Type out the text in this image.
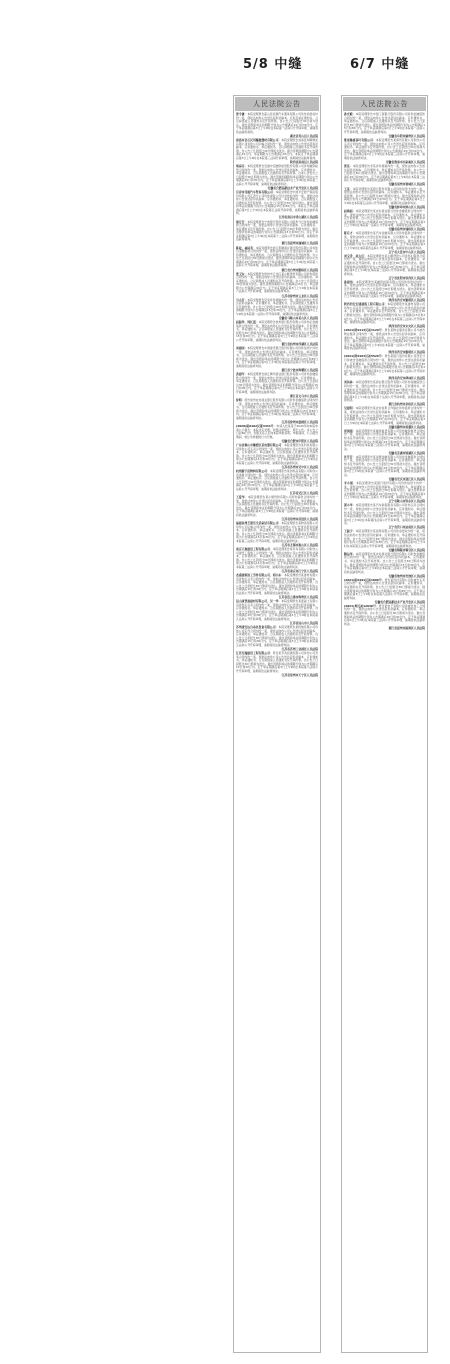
5/8 中缝	6/7 中缝
人民法院公告
张令谦：本院受理原告霍山县恒源汽车服务有限公司诉你追偿权纠纷一案，现依法向你公告送达起诉状副本、应诉及举证通知书、合议庭组成人员通知书及开庭传票。自公告之日起经过30日视为送达。提出答辩和举证的期限分别为公告期满后15日和30日内。定于举证期满后第3日上午9时在本院第一法庭公开开庭审理，逾期将依法缺席裁判。
湖北省英山县人民法院
商洛市金石民用爆破器材有限公司：本院受理原告洛南县和顺物流有限公司诉你公司运输合同纠纷一案，现依法向你公告送达起诉状副本、应诉通知书、举证通知书、合议庭组成人员通知书及开庭传票。自公告之日起经过30日即视为送达。提出答辩的期限为公告期满后15日内，举证期限为公告期满后30日内。本院定于举证期满后第3日上午9时在本院第三法庭开庭审理，逾期将依法缺席裁判。
陕西省洛南县人民法院
胡家亮：本院受理原告安徽中安融资租赁股份有限公司诉你融资租赁合同纠纷一案，现依法向你公告送达起诉状副本、应诉通知书、举证通知书、合议庭组成人员通知书及开庭传票。自本公告发出之日起经过30日即视为送达。提出答辩的期限和举证期限分别为公告期满后15日和30日内。定于举证期满后第3日上午9时在本院第二法庭公开开庭审理，逾期将依法缺席判决。
安徽省合肥高新技术产业开发区人民法院
宜春市佳惠汽车贸易有限公司：本院受理原告中国平安财产保险股份有限公司江西分公司诉你保险人代位求偿权纠纷一案，现依法向你公告送达起诉状副本、应诉通知书、举证通知书、合议庭组成人员通知书及开庭传票。自公告之日起经过30日视为送达。提出答辩和举证的期限分别为公告期满后15日和30日内。本院定于举证期满后第3日上午9时在本院第五法庭开庭审理，逾期将依法缺席裁判。
江西省南昌市青山湖区人民法院
胡月芳：本院受理原告宁波银行股份有限公司温州分行诉你金融借款合同纠纷一案，现依法向你公告送达起诉状副本、应诉通知书、举证通知书及开庭传票。自公告之日起经过30日即视为送达。提出答辩状和举证的期限分别为公告期满后15日和30日内。并定于举证期满后第3日上午9时在本院第十二法庭公开开庭审理，逾期将依法缺席裁判。
浙江省温州市鹿城区人民法院
陈松、林凤英：本院受理原告浙江泰隆商业银行股份有限公司诉你们金融借款合同纠纷一案，现依法向你们公告送达起诉状副本、应诉通知书、举证通知书、合议庭组成人员通知书及开庭传票。自公告之日起经过30日即视为送达。提出答辩和举证的期限分别为公告期满后15日和30日内。定于举证期满后第3日上午9时在本院第八法庭公开开庭审理，逾期将依法缺席裁判。
浙江省台州市路桥区人民法院
张卫东：本院受理原告徐州市云龙区某小额贷款有限公司诉你借款合同纠纷一案，现依法向你公告送达起诉状副本、应诉通知书、举证通知书、合议庭组成人员通知书及开庭传票。自公告之日起经过30日即视为送达。提出答辩的期限为公告期满后15日内，举证期限为公告期满后30日内。定于举证期满后第3日上午9时在本院第六法庭公开开庭审理，逾期将依法缺席判决。
江苏省徐州市云龙区人民法院
马小芳：本院受理原告吴某诉你离婚纠纷一案，现依法向你公告送达起诉状副本、应诉通知书、举证通知书、合议庭组成人员通知书及开庭传票。自公告之日起经过30日即视为送达。提出答辩和举证的期限分别为公告期满后15日和30日内。定于举证期满后第3日上午9时在本院第一法庭公开开庭审理，逾期将依法缺席判决。
安徽省马鞍山市花山区人民法院
赵振华、周红霞：本院受理原告杭州银行股份有限公司诉你们金融借款合同纠纷一案，现依法向你们公告送达起诉状副本、应诉通知书、举证通知书、合议庭组成人员通知书及开庭传票。自公告之日起经过30日即视为送达。提出答辩和举证的期限分别为公告期满后15日和30日内。定于举证期满后第3日上午9时在本院第十三法庭公开开庭审理，逾期将依法缺席判决。
浙江省杭州市西湖区人民法院
刘建国：本院受理原告中国建设银行股份有限公司诉你信用卡纠纷一案，现依法向你公告送达起诉状副本、应诉通知书、举证通知书、合议庭组成人员通知书及开庭传票。自公告之日起经过30日即视为送达。提出答辩和举证的期限分别为公告期满后15日和30日内。定于举证期满后第3日上午9时在本院第四法庭公开开庭审理，逾期将依法缺席判决。
浙江省宁波市海曙区人民法院
黄建军：本院受理原告浙江稠州商业银行股份有限公司诉你金融借款合同纠纷一案，现依法向你公告送达起诉状副本、应诉通知书、举证通知书、合议庭组成人员通知书及开庭传票。自公告之日起经过30日即视为送达。提出答辩和举证的期限分别为公告期满后15日和30日内。定于举证期满后第3日上午9时在本院第九法庭公开开庭审理，逾期将依法缺席判决。
浙江省义乌市人民法院
徐明：原告徐州农村商业银行股份有限公司诉你金融借款合同纠纷一案，现依法向你公告送达起诉状副本、应诉通知书、举证通知书、合议庭组成人员通知书及开庭传票。自公告之日起经过30日即视为送达。提出答辩和举证的期限分别为公告期满后15日和30日内。定于举证期满后第3日上午9时在本院第二法庭公开开庭审理，逾期将依法缺席判决。
江苏省徐州市鼓楼区人民法院
(2020)皖0102民催4444号：申请人杜某某于2020年向本院申请公示催告，本院决定受理。依照法律规定，现予公告。自公告之日起60日内，利害关系人应向本院申报权利。申报期间，公示催告期间，转让该票据的行为无效。
安徽省合肥市庐阳区人民法院
广东省佛山市顺德区某电器有限公司：本院受理原告某科技有限公司诉你公司买卖合同纠纷一案，现依法向你公司公告送达起诉状副本、应诉通知书、举证通知书、合议庭组成人员通知书及开庭传票。自公告之日起经过30日即视为送达。提出答辩和举证的期限分别为公告期满后15日和30日内。定于举证期满后第3日上午9时在本院第七法庭公开开庭审理，逾期将依法缺席判决。
江苏省苏州市吴中区人民法院
杭州新宇宙物料有限公司：本院受理原告某纺织品有限公司诉你公司承揽合同纠纷一案，现依法向你公司公告送达起诉状副本、应诉通知书、举证通知书、合议庭组成人员通知书及开庭传票。自公告之日起经过30日即视为送达。提出答辩和举证的期限分别为公告期满后15日和30日内。定于举证期满后第3日上午9时在本院第十五法庭公开开庭审理，逾期将依法缺席判决。
江苏省吴江区人民法院
王爱华：本院受理原告某小额贷款有限公司诉你借款合同纠纷一案，现依法向你公告送达起诉状副本、应诉通知书、举证通知书、合议庭组成人员通知书及开庭传票。自公告之日起经过30日即视为送达。提出答辩和举证的期限分别为公告期满后15日和30日内。定于举证期满后第3日上午9时在本院第一法庭公开开庭审理，逾期将依法缺席判决。
江苏省常州市武进区人民法院
福建泉州艺派乐生活家居有限公司：本院受理原告某物流有限公司诉你公司运输合同纠纷一案，现依法向你公司公告送达起诉状副本、应诉通知书、举证通知书、合议庭组成人员通知书及开庭传票。自公告之日起经过30日即视为送达。提出答辩和举证的期限分别为公告期满后15日和30日内。定于举证期满后第3日上午9时在本院第三法庭公开开庭审理，逾期将依法缺席判决。
江苏省无锡市惠山区人民法院
南京天惠建设工程有限公司：本院受理原告某劳务有限公司诉你公司建设工程施工合同纠纷一案，现依法向你公司公告送达起诉状副本、应诉通知书、举证通知书、合议庭组成人员通知书及开庭传票。自公告之日起经过30日即视为送达。提出答辩和举证的期限分别为公告期满后15日和30日内。定于举证期满后第3日上午9时在本院第二法庭公开开庭审理，逾期将依法缺席判决。
江苏省南京市江宁区人民法院
杰盛建筑加工劳务有限公司、胡小东：本院受理原告某建材有限公司诉你们买卖合同纠纷一案，现依法向你们公告送达起诉状副本、应诉通知书、举证通知书、合议庭组成人员通知书及开庭传票。自公告之日起经过30日即视为送达。提出答辩和举证的期限分别为公告期满后15日和30日内。定于举证期满后第3日上午9时在本院第四法庭公开开庭审理，逾期将依法缺席判决。
江苏省连云港市海州区人民法院
昆山康普森建材有限公司、吴一华：本院受理原告某混凝土有限公司诉你们买卖合同纠纷一案，现依法向你们公告送达起诉状副本、应诉通知书、举证通知书、合议庭组成人员通知书及开庭传票。自公告之日起经过30日即视为送达。提出答辩和举证的期限分别为公告期满后15日和30日内。定于举证期满后第3日上午9时在本院第九法庭公开开庭审理，逾期将依法缺席判决。
江苏省昆山市人民法院
苏州康安达自动化设备有限公司：本院受理原告某机械有限公司诉你公司定作合同纠纷一案，现依法向你公司公告送达起诉状副本、应诉通知书、举证通知书、合议庭组成人员通知书及开庭传票。自公告之日起经过30日即视为送达。提出答辩和举证的期限分别为公告期满后15日和30日内。定于举证期满后第3日上午9时在本院第五法庭公开开庭审理，逾期将依法缺席判决。
江苏省苏州工业园区人民法院
江苏安瑞建设工程有限公司：原告某劳务派遣有限公司诉你公司劳务合同纠纷一案，现依法向你公司公告送达起诉状副本、应诉通知书、举证通知书、合议庭组成人员通知书及开庭传票。自公告之日起经过30日即视为送达。提出答辩和举证的期限分别为公告期满后15日和30日内。定于举证期满后第3日上午9时在本院第六法庭公开开庭审理，逾期将依法缺席判决。
江苏省常州市天宁区人民法院
人民法院公告
孙光毅：本院受理原告中国工商银行股份有限公司诉你金融借款合同纠纷一案，现依法向你公告送达起诉状副本、应诉通知书、举证通知书、合议庭组成人员通知书及开庭传票。自公告之日起经过30日即视为送达。提出答辩和举证的期限分别为公告期满后15日和30日内。定于举证期满后第3日上午9时在本院第一法庭公开开庭审理，逾期将依法缺席判决。
安徽省阜阳市颍州区人民法院
淮南豫盛茶叶有限公司：本院受理原告某商贸有限公司诉你公司买卖合同纠纷一案，现依法向你公司公告送达起诉状副本、应诉通知书、举证通知书及开庭传票。自公告之日起经过30日即视为送达。提出答辩和举证的期限分别为公告期满后15日和30日内。定于举证期满后第3日上午9时在本院第三法庭公开开庭审理，逾期将依法缺席判决。
安徽省淮南市田家庵区人民法院
张某：本院受理原告李某诉你离婚纠纷一案，现依法向你公告送达起诉状副本、应诉通知书、举证通知书及开庭传票。自公告之日起经过30日即视为送达。提出答辩和举证的期限分别为公告期满后15日和30日内。定于举证期满后第3日上午9时在本院第二法庭公开开庭审理，逾期将依法缺席判决。
安徽省亳州市谯城区人民法院
王某：本院受理原告某银行股份有限公司诉你信用卡纠纷一案，现依法向你公告送达起诉状副本、应诉通知书、举证通知书及开庭传票。自公告之日起经过30日即视为送达。提出答辩和举证的期限分别为公告期满后15日和30日内。定于举证期满后第3日上午9时在本院第五法庭公开开庭审理，逾期将依法缺席判决。
安徽省蚌埠市蚌山区人民法院
赵梅娟：本院受理原告某农村商业银行诉你金融借款合同纠纷一案，现依法向你公告送达起诉状副本、应诉通知书、举证通知书及开庭传票。自公告之日起经过30日即视为送达。提出答辩和举证的期限分别为公告期满后15日和30日内。定于举证期满后第3日上午9时在本院第一法庭公开开庭审理，逾期将依法缺席判决。
安徽省宿州市埇桥区人民法院
陈有才：本院受理原告某汽车金融有限公司诉你借款合同纠纷一案，现依法向你公告送达起诉状副本、应诉通知书、举证通知书及开庭传票。自公告之日起经过30日即视为送达。提出答辩和举证的期限分别为公告期满后15日和30日内。定于举证期满后第3日上午9时在本院第四法庭公开开庭审理，逾期将依法缺席判决。
辽宁省大连市中山区人民法院
刘宝香、赵大庆：本院受理原告某小额贷款公司诉你们借款合同纠纷一案，现依法向你们公告送达起诉状副本、应诉通知书、举证通知书及开庭传票。自公告之日起经过30日即视为送达。提出答辩和举证的期限分别为公告期满后15日和30日内。定于举证期满后第3日上午9时在本院第二法庭公开开庭审理，逾期将依法缺席判决。
辽宁省沈阳市铁西区人民法院
孙建伟：本院受理原告某融资担保有限公司诉你追偿权纠纷一案，现依法向你公告送达起诉状副本、应诉通知书、举证通知书及开庭传票。自公告之日起经过30日即视为送达。提出答辩和举证的期限分别为公告期满后15日和30日内。定于举证期满后第3日上午9时在本院第六法庭公开开庭审理，逾期将依法缺席判决。
陕西省西安市雁塔区人民法院
陕西西安宏盛建筑工程有限公司：本院受理原告某建材有限公司诉你公司买卖合同纠纷一案，现依法向你公司公告送达起诉状副本、应诉通知书、举证通知书及开庭传票。自公告之日起经过30日即视为送达。提出答辩和举证的期限分别为公告期满后15日和30日内。定于举证期满后第3日上午9时在本院第三法庭公开开庭审理，逾期将依法缺席判决。
陕西省西安市未央区人民法院
(2021)陕0113民初1120号：原告某物业服务有限公司与被告物业服务合同纠纷一案，现依法向你公告送达起诉状副本、应诉通知书、举证通知书及开庭传票。自公告之日起经过30日即视为送达。提出答辩和举证的期限分别为公告期满后15日和30日内。定于举证期满后第3日上午9时在本院第一法庭公开开庭审理，逾期将依法缺席判决。
陕西省西安市雁塔区人民法院
(2021)陕0103民初5520号：原告某银行股份有限公司西安分行诉被告金融借款合同纠纷一案，现依法向你公告送达起诉状副本、应诉通知书、举证通知书及开庭传票。自公告之日起经过30日即视为送达。提出答辩和举证的期限分别为公告期满后15日和30日内。定于举证期满后第3日上午9时在本院第八法庭公开开庭审理，逾期将依法缺席判决。
陕西省西安市碑林区人民法院
刘凤林：本院受理原告某商业银行股份有限公司诉你金融借款合同纠纷一案，现依法向你公告送达起诉状副本、应诉通知书、举证通知书及开庭传票。自公告之日起经过30日即视为送达。提出答辩和举证的期限分别为公告期满后15日和30日内。定于举证期满后第3日上午9时在本院第十法庭公开开庭审理，逾期将依法缺席判决。
浙江省杭州市余杭区人民法院
吴建明：本院受理原告某农村信用合作联社诉你借款合同纠纷一案，现依法向你公告送达起诉状副本、应诉通知书、举证通知书及开庭传票。自公告之日起经过30日即视为送达。提出答辩和举证的期限分别为公告期满后15日和30日内。定于举证期满后第3日上午9时在本院第七法庭公开开庭审理，逾期将依法缺席判决。
安徽省滁州市琅琊区人民法院
周国强：本院受理原告某融资租赁有限公司诉你融资租赁合同纠纷一案，现依法向你公告送达起诉状副本、应诉通知书、举证通知书及开庭传票。自公告之日起经过30日即视为送达。提出答辩和举证的期限分别为公告期满后15日和30日内。定于举证期满后第3日上午9时在本院第二法庭公开开庭审理，逾期将依法缺席判决。
安徽省芜湖市镜湖区人民法院
许芳芳：本院受理原告某消费金融有限公司诉你金融借款合同纠纷一案，现依法向你公告送达起诉状副本、应诉通知书、举证通知书及开庭传票。自公告之日起经过30日即视为送达。提出答辩和举证的期限分别为公告期满后15日和30日内。定于举证期满后第3日上午9时在本院第一法庭公开开庭审理，逾期将依法缺席判决。
安徽省安庆市迎江区人民法院
李小强：本院受理原告某银行股份有限公司诉你信用卡纠纷一案，现依法向你公告送达起诉状副本、应诉通知书、举证通知书及开庭传票。自公告之日起经过30日即视为送达。提出答辩和举证的期限分别为公告期满后15日和30日内。定于举证期满后第3日上午9时在本院第三法庭公开开庭审理，逾期将依法缺席判决。
辽宁省鞍山市铁东区人民法院
郭小华：本院受理原告某汽车销售服务有限公司诉你买卖合同纠纷一案，现依法向你公告送达起诉状副本、应诉通知书、举证通知书及开庭传票。自公告之日起经过30日即视为送达。提出答辩和举证的期限分别为公告期满后15日和30日内。定于举证期满后第3日上午9时在本院第四法庭公开开庭审理，逾期将依法缺席判决。
辽宁省营口市站前区人民法院
王振宇：本院受理原告某担保有限公司诉你追偿权纠纷一案，现依法向你公告送达起诉状副本、应诉通知书、举证通知书及开庭传票。自公告之日起经过30日即视为送达。提出答辩和举证的期限分别为公告期满后15日和30日内。定于举证期满后第3日上午9时在本院第五法庭公开开庭审理，逾期将依法缺席判决。
安徽省铜陵市铜官区人民法院
陶运华：本院受理原告某农村商业银行股份有限公司诉你金融借款合同纠纷一案，现依法向你公告送达起诉状副本、应诉通知书、举证通知书及开庭传票。自公告之日起经过30日即视为送达。提出答辩和举证的期限分别为公告期满后15日和30日内。定于举证期满后第3日上午9时在本院第二法庭公开开庭审理，逾期将依法缺席判决。
安徽省池州市贵池区人民法院
(2021)皖0191民初1890号：原告某科技有限公司诉被告买卖合同纠纷一案，现依法向你公告送达起诉状副本、应诉通知书、举证通知书及开庭传票。自公告之日起经过30日即视为送达。提出答辩和举证的期限分别为公告期满后15日和30日内。定于举证期满后第3日上午9时在本院第九法庭公开开庭审理，逾期将依法缺席判决。
安徽省合肥高新技术产业开发区人民法院
(2021)粤民初12030号：原告某电子有限公司诉被告加工合同纠纷一案，现依法向你公告送达起诉状副本、应诉通知书、举证通知书及开庭传票。自公告之日起经过30日即视为送达。提出答辩和举证的期限分别为公告期满后15日和30日内。定于举证期满后第3日上午9时在本院第三法庭公开开庭审理，逾期将依法缺席判决。
浙江省温州市瓯海区人民法院
